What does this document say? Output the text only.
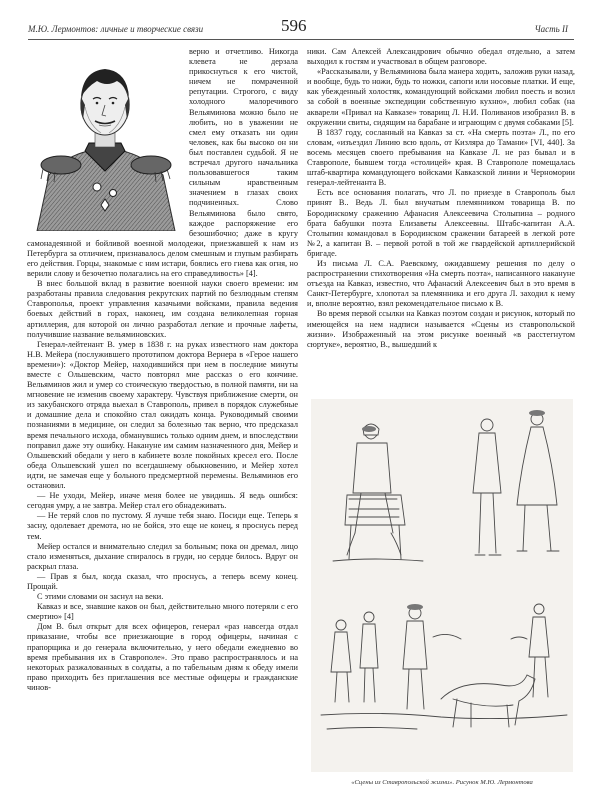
М.Ю. Лермонтов: личные и творческие связи	596	Часть II

верно и отчетливо. Никогда клевета не дерзала прикоснуться к его чистой, ничем не помраченной репутации. Строгого, с виду холодного малоречивого Вельяминова можно было не любить, но в уважении не смел ему отказать ни один человек, как бы высоко он ни был поставлен судьбой. Я не встречал другого начальника пользовавшегося таким сильным нравственным значением в глазах своих подчиненных. Слово Вельяминова было свято, каждое распоряжение его безошибочно; даже в кругу самонадеянной и бойливой военной молодежи, приезжавшей к нам из Петербурга за отличием, признавалось делом смешным и глупым разбирать его действия. Горцы, знакомые с ним истари, боялись его гнева как огня, но верили слову и безочетно полагались на его справедливость» [4].

В внес большой вклад в развитие военной науки своего времени: им разработаны правила следования рекрутских партий по безлюдным степям Ставрополья, проект управления казачьими войсками, правила ведения боевых действий в горах, наконец, им создана великолепная горная артиллерия, для которой он лично разработал легкие и прочные лафеты, получившие название вельяминовских.

Генерал-лейтенант В. умер в 1838 г. на руках известного нам доктора Н.В. Мейера (послужившего прототипом доктора Вернера в «Герое нашего времени»): «Доктор Мейер, находившийся при нем в последние минуты вместе с Ольшевским, часто повторял мне рассказ о его кончине. Вельяминов жил и умер со стоическую твердостью, в полной памяти, ни на мгновение не изменив своему характеру. Чувствуя приближение смерти, он из закубанского отряда выехал в Ставрополь, привел в порядок служебные и домашние дела и спокойно стал ожидать конца. Руководимый своими познаниями в медицине, он следил за болезнью так верно, что предсказал время печального исхода, обманувшись только одним днем, и впоследствии поправил даже эту ошибку. Накануне им самим назначенного дня, Мейер и Ольшевский обедали у него в кабинете возле покойных кресел его. После обеда Ольшевский ушел по всегдашнему обыкновению, и Мейер хотел идти, не замечая еще у больного предсмертной перемены. Вельяминов его остановил.

— Не уходи, Мейер, иначе меня более не увидишь. Я ведь ошибся: сегодня умру, а не завтра. Мейер стал его обнадеживать.

— Не теряй слов по пустому. Я лучше тебя знаю. Посиди еще. Теперь я засну, одолевает дремота, но не бойся, это еще не конец, я проснусь перед тем.

Мейер остался и внимательно следил за больным; пока он дремал, лицо стало изменяться, дыхание спиралось в груди, но сердце билось. Вдруг он раскрыл глаза.

— Прав я был, когда сказал, что проснусь, а теперь всему конец. Прощай.

С этими словами он заснул на веки.

Кавказ и все, знавшие каков он был, действительно много потеряли с его смертию» [4]

Дом В. был открыт для всех офицеров, генерал «раз навсегда отдал приказание, чтобы все приезжающие в город офицеры, начиная с прапорщика и до генерала включительно, у него обедали ежедневно во время пребывания их в Ставрополе». Это право распространялось и на некоторых разжалованных в солдаты, а по табельным дням к обеду имели право приходить без приглашения все местные офицеры и гражданские чинов-

ники. Сам Алексей Александрович обычно обедал отдельно, а затем выходил к гостям и участвовал в общем разговоре.

«Рассказывали, у Вельяминова была манера ходить, заложив руки назад, и вообще, будь то ножи, будь то ножки, сапоги или носовые платки. И еще, как убежденный холостяк, командующий войсками любил поесть и возил за собой в военные экспедиции собственную кухню», любил собак (на акварели «Привал на Кавказе» товарищ Л. Н.И. Поливанов изобразил В. в окружении свиты, сидящим на барабане и играющим с двумя собаками [5].

В 1837 году, сосланный на Кавказ за ст. «На смерть поэта» Л., по его словам, «изъездил Линию всю вдоль, от Кизляра до Тамани» [VI, 440]. За восемь месяцев своего пребывания на Кавказе Л. не раз бывал и в Ставрополе, бывшем тогда «столицей» края. В Ставрополе помещалась штаб-квартира командующего войсками Кавказской линии и Черномории генерал-лейтенанта В.

Есть все основания полагать, что Л. по приезде в Ставрополь был принят В.. Ведь Л. был внучатым племянником товарища В. по Бородинскому сражению Афанасия Алексеевича Столыпина – родного брата бабушки поэта Елизаветы Алексеевны. Штабс-капитан А.А. Столыпин командовал в Бородинском сражении батареей в легкой роте №2, а капитан В. – первой ротой в той же гвардейской артиллерийской бригаде.

Из письма Л. С.А. Раевскому, ожидавшему решения по делу о распространении стихотворения «На смерть поэта», написанного накануне отъезда на Кавказ, известно, что Афанасий Алексеевич был в это время в Санкт-Петербурге, хлопотал за племянника и его друга Л. заходил к нему и, вполне вероятно, взял рекомендательное письмо к В.

Во время первой ссылки на Кавказ поэтом создан и рисунок, который по имеющейся на нем надписи называется «Сцены из ставропольской жизни». Изображенный на этом рисунке военный «в расстегнутом сюртуке», вероятно, В., вышедший к

«Сцены из Ставропольской жизни». Рисунок М.Ю. Лермонтова
